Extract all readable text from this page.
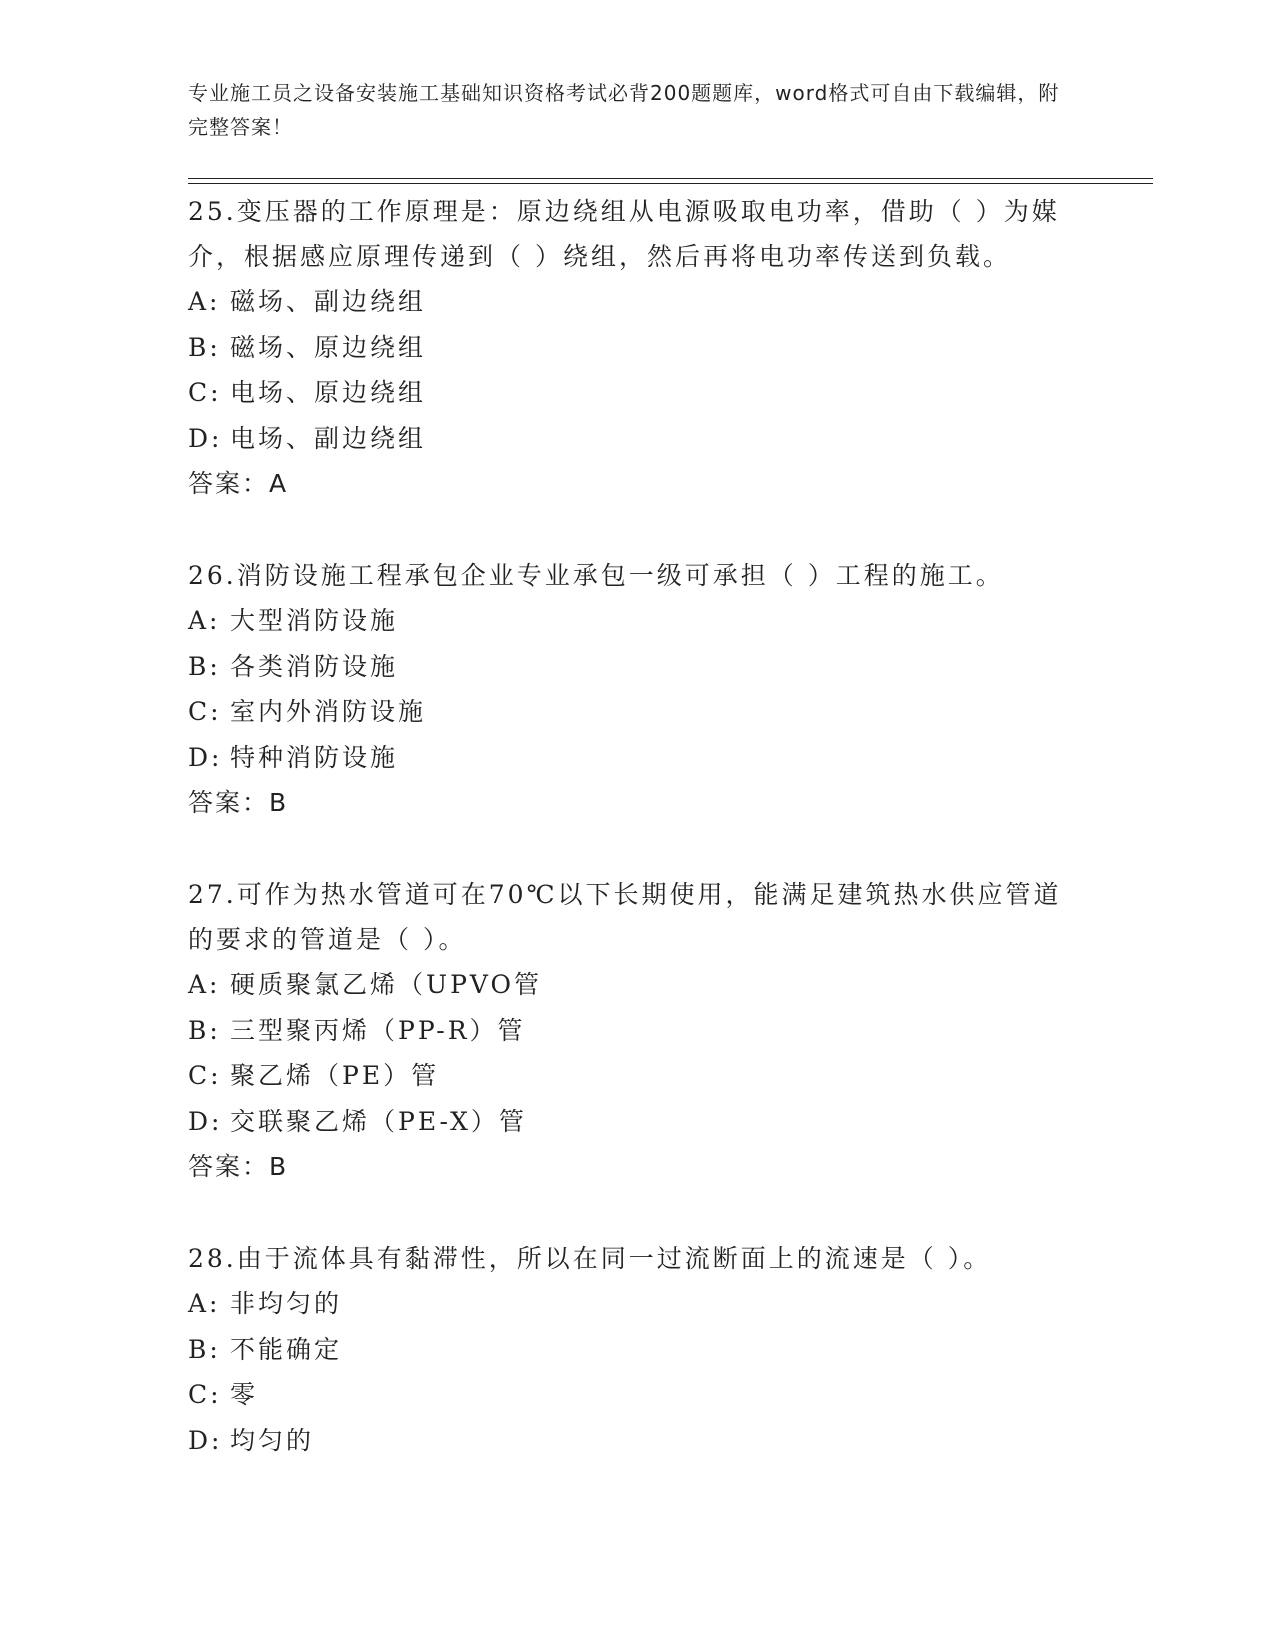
专业施工员之设备安装施工基础知识资格考试必背200题题库，word格式可自由下载编辑，附完整答案！
25.变压器的工作原理是：原边绕组从电源吸取电功率，借助（ ）为媒介，根据感应原理传递到（ ）绕组，然后再将电功率传送到负载。
A: 磁场、副边绕组
B: 磁场、原边绕组
C: 电场、原边绕组
D: 电场、副边绕组
答案：A
26.消防设施工程承包企业专业承包一级可承担（ ）工程的施工。
A: 大型消防设施
B: 各类消防设施
C: 室内外消防设施
D: 特种消防设施
答案：B
27.可作为热水管道可在70℃以下长期使用，能满足建筑热水供应管道的要求的管道是（ ）。
A: 硬质聚氯乙烯（UPVO管
B: 三型聚丙烯（PP-R）管
C: 聚乙烯（PE）管
D: 交联聚乙烯（PE-X）管
答案：B
28.由于流体具有黏滞性，所以在同一过流断面上的流速是（ ）。
A: 非均匀的
B: 不能确定
C: 零
D: 均匀的
